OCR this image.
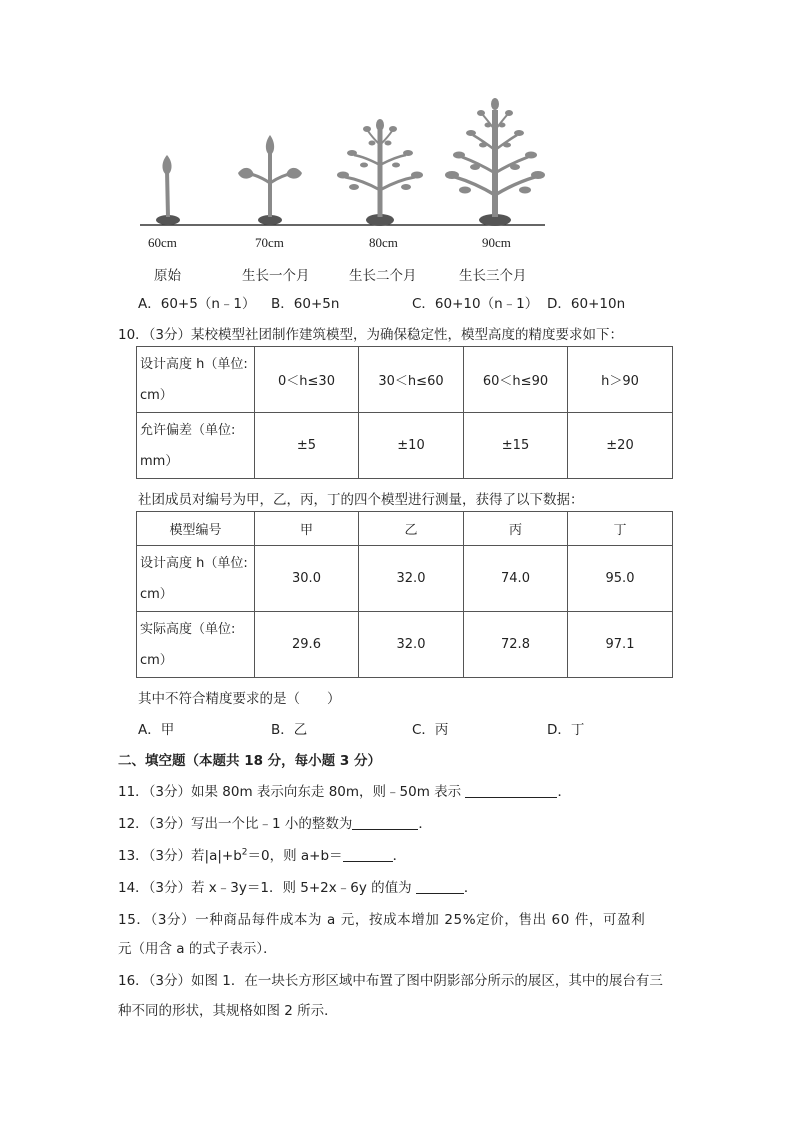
60cm	70cm	80cm	90cm
原始	生长一个月	生长二个月	生长三个月
A．60+5（n﹣1） B．60+5n	C．60+10（n﹣1） D．60+10n
10．（3分）某校模型社团制作建筑模型，为确保稳定性，模型高度的精度要求如下：
设计高度 h（单位:
cm）	0＜h≤30	30＜h≤60	60＜h≤90	h＞90
允许偏差（单位:
mm）	±5	±10	±15	±20
社团成员对编号为甲，乙，丙，丁的四个模型进行测量，获得了以下数据：
模型编号	甲	乙	丙	丁
设计高度 h（单位:
cm）	30.0	32.0	74.0	95.0
实际高度（单位:
cm）	29.6	32.0	72.8	97.1
其中不符合精度要求的是（　　）
A．甲	B．乙	C．丙	D．丁
二、填空题（本题共 18 分，每小题 3 分）
11．（3分）如果 80m 表示向东走 80m，则﹣50m 表示	．
12．（3分）写出一个比﹣1 小的整数为	．
13．（3分）若$|a|+b^2=0$，则 a+b＝	．
14．（3分）若 x﹣3y＝1．则 5+2x﹣6y 的值为	．
15．（3分）一种商品每件成本为 a 元，按成本增加 25%定价，售出 60 件，可盈利
元（用含 a 的式子表示）．
16．（3分）如图 1．在一块长方形区域中布置了图中阴影部分所示的展区，其中的展台有三
种不同的形状，其规格如图 2 所示．
